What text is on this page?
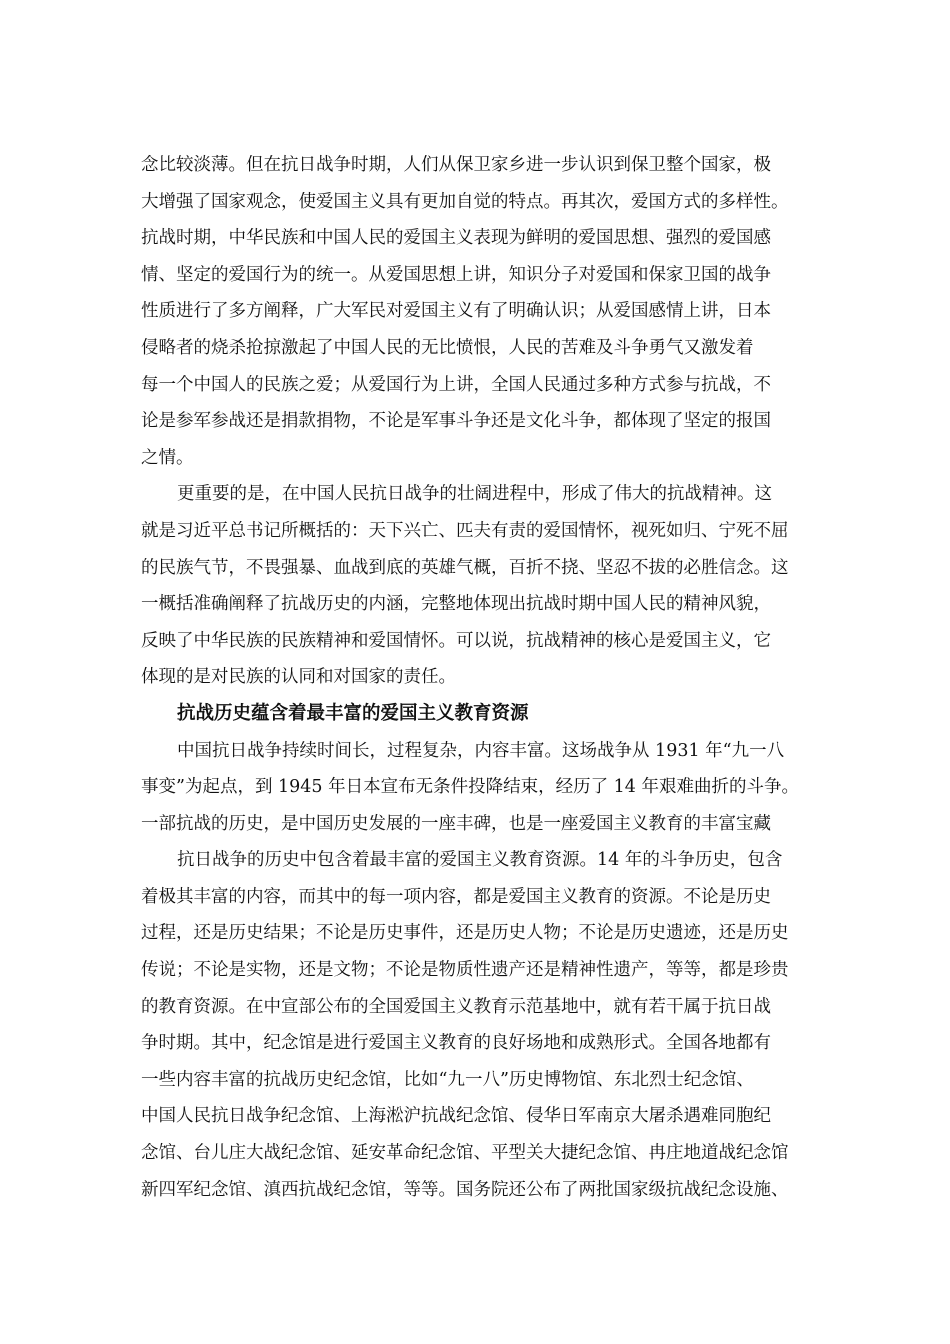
念比较淡薄。但在抗日战争时期，人们从保卫家乡进一步认识到保卫整个国家，极
大增强了国家观念，使爱国主义具有更加自觉的特点。再其次，爱国方式的多样性。
抗战时期，中华民族和中国人民的爱国主义表现为鲜明的爱国思想、强烈的爱国感
情、坚定的爱国行为的统一。从爱国思想上讲，知识分子对爱国和保家卫国的战争
性质进行了多方阐释，广大军民对爱国主义有了明确认识；从爱国感情上讲，日本
侵略者的烧杀抢掠激起了中国人民的无比愤恨，人民的苦难及斗争勇气又激发着
每一个中国人的民族之爱；从爱国行为上讲，全国人民通过多种方式参与抗战，不
论是参军参战还是捐款捐物，不论是军事斗争还是文化斗争，都体现了坚定的报国
之情。
更重要的是，在中国人民抗日战争的壮阔进程中，形成了伟大的抗战精神。这
就是习近平总书记所概括的：天下兴亡、匹夫有责的爱国情怀，视死如归、宁死不屈
的民族气节，不畏强暴、血战到底的英雄气概，百折不挠、坚忍不拔的必胜信念。这
一概括准确阐释了抗战历史的内涵，完整地体现出抗战时期中国人民的精神风貌，
反映了中华民族的民族精神和爱国情怀。可以说，抗战精神的核心是爱国主义，它
体现的是对民族的认同和对国家的责任。
抗战历史蕴含着最丰富的爱国主义教育资源
中国抗日战争持续时间长，过程复杂，内容丰富。这场战争从 1931 年“九一八
事变”为起点，到 1945 年日本宣布无条件投降结束，经历了 14 年艰难曲折的斗争。
一部抗战的历史，是中国历史发展的一座丰碑，也是一座爱国主义教育的丰富宝藏
抗日战争的历史中包含着最丰富的爱国主义教育资源。14 年的斗争历史，包含
着极其丰富的内容，而其中的每一项内容，都是爱国主义教育的资源。不论是历史
过程，还是历史结果；不论是历史事件，还是历史人物；不论是历史遗迹，还是历史
传说；不论是实物，还是文物；不论是物质性遗产还是精神性遗产，等等，都是珍贵
的教育资源。在中宣部公布的全国爱国主义教育示范基地中，就有若干属于抗日战
争时期。其中，纪念馆是进行爱国主义教育的良好场地和成熟形式。全国各地都有
一些内容丰富的抗战历史纪念馆，比如“九一八”历史博物馆、东北烈士纪念馆、
中国人民抗日战争纪念馆、上海淞沪抗战纪念馆、侵华日军南京大屠杀遇难同胞纪
念馆、台儿庄大战纪念馆、延安革命纪念馆、平型关大捷纪念馆、冉庄地道战纪念馆
新四军纪念馆、滇西抗战纪念馆，等等。国务院还公布了两批国家级抗战纪念设施、
